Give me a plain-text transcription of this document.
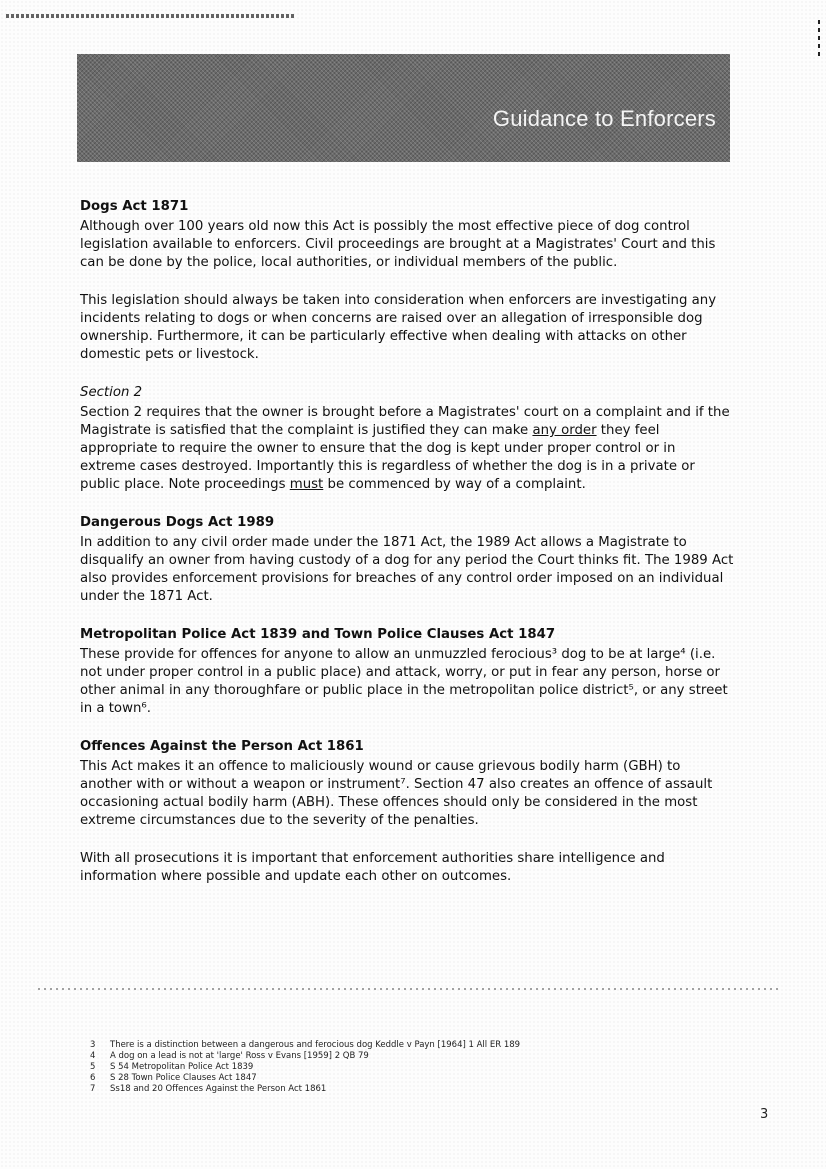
Guidance to Enforcers
Dogs Act 1871

Although over 100 years old now this Act is possibly the most effective piece of dog control legislation available to enforcers. Civil proceedings are brought at a Magistrates' Court and this can be done by the police, local authorities, or individual members of the public.

This legislation should always be taken into consideration when enforcers are investigating any incidents relating to dogs or when concerns are raised over an allegation of irresponsible dog ownership. Furthermore, it can be particularly effective when dealing with attacks on other domestic pets or livestock.

Section 2

Section 2 requires that the owner is brought before a Magistrates' court on a complaint and if the Magistrate is satisfied that the complaint is justified they can make any order they feel appropriate to require the owner to ensure that the dog is kept under proper control or in extreme cases destroyed. Importantly this is regardless of whether the dog is in a private or public place. Note proceedings must be commenced by way of a complaint.

Dangerous Dogs Act 1989

In addition to any civil order made under the 1871 Act, the 1989 Act allows a Magistrate to disqualify an owner from having custody of a dog for any period the Court thinks fit. The 1989 Act also provides enforcement provisions for breaches of any control order imposed on an individual under the 1871 Act.

Metropolitan Police Act 1839 and Town Police Clauses Act 1847

These provide for offences for anyone to allow an unmuzzled ferocious³ dog to be at large⁴ (i.e. not under proper control in a public place) and attack, worry, or put in fear any person, horse or other animal in any thoroughfare or public place in the metropolitan police district⁵, or any street in a town⁶.

Offences Against the Person Act 1861

This Act makes it an offence to maliciously wound or cause grievous bodily harm (GBH) to another with or without a weapon or instrument⁷. Section 47 also creates an offence of assault occasioning actual bodily harm (ABH). These offences should only be considered in the most extreme circumstances due to the severity of the penalties.

With all prosecutions it is important that enforcement authorities share intelligence and information where possible and update each other on outcomes.

3	There is a distinction between a dangerous and ferocious dog Keddle v Payn [1964] 1 All ER 189
4	A dog on a lead is not at 'large' Ross v Evans [1959] 2 QB 79
5	S 54 Metropolitan Police Act 1839
6	S 28 Town Police Clauses Act 1847
7	Ss18 and 20 Offences Against the Person Act 1861
3
